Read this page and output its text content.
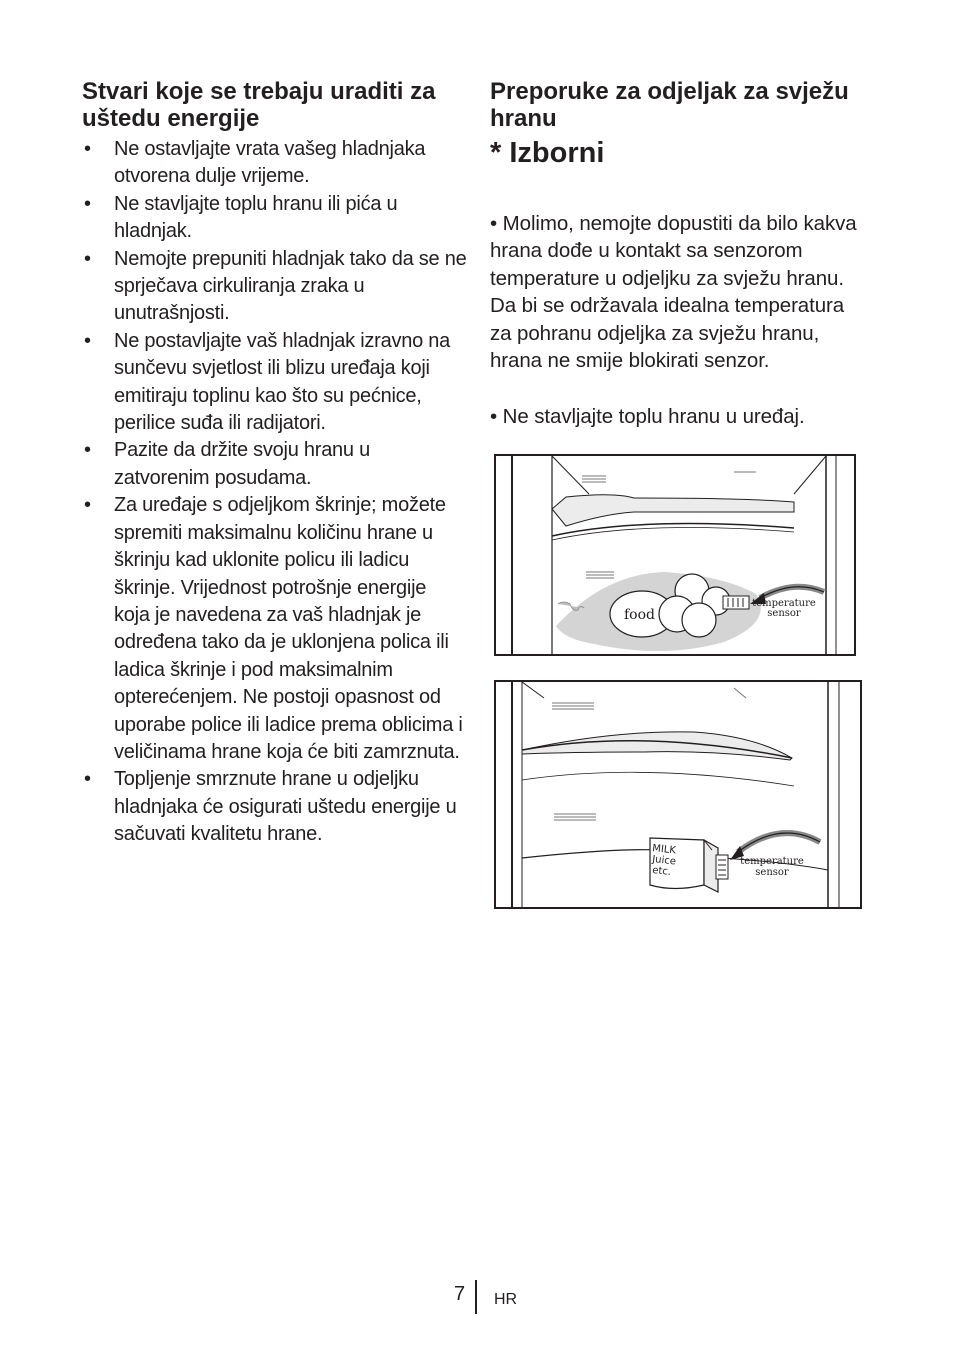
Stvari koje se trebaju uraditi za uštedu energije
• Ne ostavljajte vrata vašeg hladnjaka otvorena dulje vrijeme.
• Ne stavljajte toplu hranu ili pića u hladnjak.
• Nemojte prepuniti hladnjak tako da se ne sprječava cirkuliranja zraka u unutrašnjosti.
• Ne postavljajte vaš hladnjak izravno na sunčevu svjetlost ili blizu uređaja koji emitiraju toplinu kao što su pećnice, perilice suđa ili radijatori.
• Pazite da držite svoju hranu u zatvorenim posudama.
• Za uređaje s odjeljkom škrinje; možete spremiti maksimalnu količinu hrane u škrinju kad uklonite policu ili ladicu škrinje. Vrijednost potrošnje energije koja je navedena za vaš hladnjak je određena tako da je uklonjena polica ili ladica škrinje i pod maksimalnim opterećenjem. Ne postoji opasnost od uporabe police ili ladice prema oblicima i veličinama hrane koja će biti zamrznuta.
• Topljenje smrznute hrane u odjeljku hladnjaka će osigurati uštedu energije u sačuvati kvalitetu hrane.
Preporuke za odjeljak za svježu hranu
* Izborni

• Molimo, nemojte dopustiti da bilo kakva hrana dođe u kontakt sa senzorom temperature u odjeljku za svježu hranu. Da bi se održavala idealna temperatura za pohranu odjeljka za svježu hranu, hrana ne smije blokirati senzor.

• Ne stavljajte toplu hranu u uređaj.

food
temperature
sensor
MILK
Juice
etc.
temperature
sensor
7 HR
